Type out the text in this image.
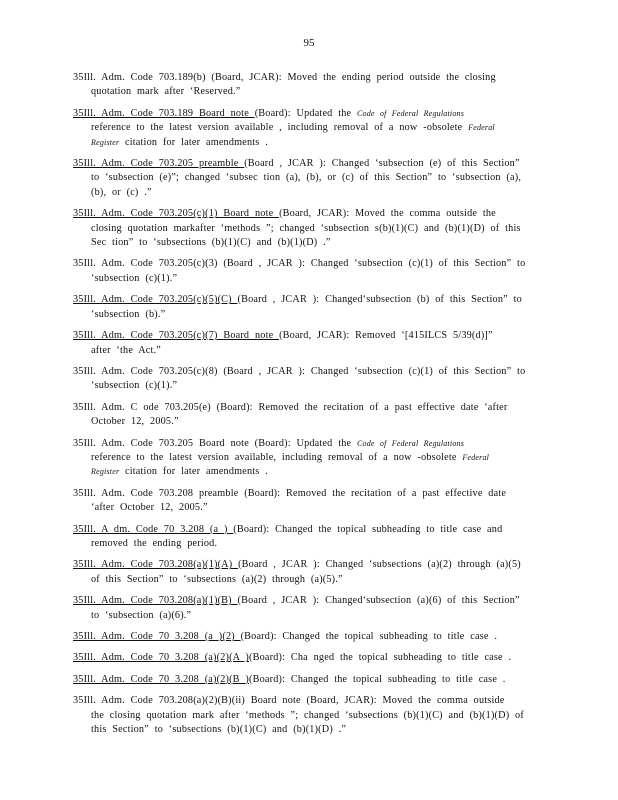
95
35Ill. Adm. Code 703.189(b) (Board, JCAR): Moved the ending period outside the closing
quotation mark after ‘Reserved.”
35Ill. Adm. Code 703.189 Board note (Board): Updated the Code of Federal Regulations
reference to the latest version available , including removal of a now -obsolete Federal
Register citation for later amendments .
35Ill. Adm. Code 703.205 preamble (Board , JCAR ): Changed ‘subsection (e) of this Section”
to ‘subsection (e)”; changed ‘subsec tion (a), (b), or (c) of this Section” to ‘subsection (a),
(b), or (c) .”
35Ill. Adm. Code 703.205(c)(1) Board note (Board, JCAR): Moved the comma outside the
closing quotation markafter ‘methods ”; changed ‘subsection s(b)(1)(C) and (b)(1)(D) of this
Sec tion” to ‘subsections (b)(1)(C) and (b)(1)(D) .”
35Ill. Adm. Code 703.205(c)(3) (Board , JCAR ): Changed ‘subsection (c)(1) of this Section” to
‘subsection (c)(1).”
35Ill. Adm. Code 703.205(c)(5)(C) (Board , JCAR ): Changed‘subsection (b) of this Section” to
‘subsection (b).”
35Ill. Adm. Code 703.205(c)(7) Board note (Board, JCAR): Removed ‘[415ILCS 5/39(d)]”
after ‘the Act.”
35Ill. Adm. Code 703.205(c)(8) (Board , JCAR ): Changed ‘subsection (c)(1) of this Section” to
‘subsection (c)(1).”
35Ill. Adm. C ode 703.205(e) (Board): Removed the recitation of a past effective date ‘after
October 12, 2005.”
35Ill. Adm. Code 703.205 Board note (Board): Updated the Code of Federal Regulations
reference to the latest version available, including removal of a now -obsolete Federal
Register citation for later amendments .
35Ill. Adm. Code 703.208 preamble (Board): Removed the recitation of a past effective date
‘after October 12, 2005.”
35Ill. A dm. Code 70 3.208 (a ) (Board): Changed the topical subheading to title case and
removed the ending period.
35Ill. Adm. Code 703.208(a)(1)(A) (Board , JCAR ): Changed ‘subsections (a)(2) through (a)(5)
of this Section” to ‘subsections (a)(2) through (a)(5).”
35Ill. Adm. Code 703.208(a)(1)(B) (Board , JCAR ): Changed‘subsection (a)(6) of this Section”
to ‘subsection (a)(6).”
35Ill. Adm. Code 70 3.208 (a )(2) (Board): Changed the topical subheading to title case .
35Ill. Adm. Code 70 3.208 (a)(2)(A )(Board): Cha nged the topical subheading to title case .
35Ill. Adm. Code 70 3.208 (a)(2)(B )(Board): Changed the topical subheading to title case .
35Ill. Adm. Code 703.208(a)(2)(B)(ii) Board note (Board, JCAR): Moved the comma outside
the closing quotation mark after ‘methods ”; changed ‘subsections (b)(1)(C) and (b)(1)(D) of
this Section” to ‘subsections (b)(1)(C) and (b)(1)(D) .”
